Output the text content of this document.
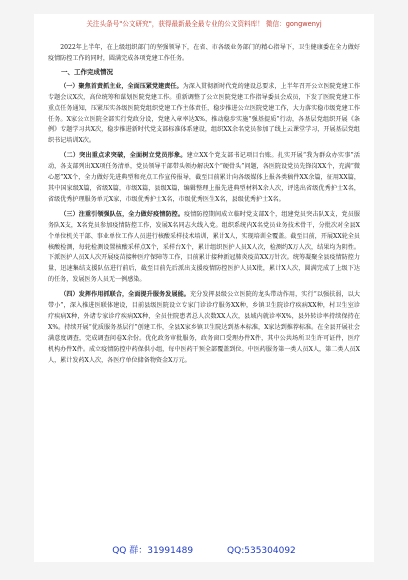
关注头条号"公文研究"，获得最新最全最专业的公文资料库！ 微信：gongwenyj

2022年上半年，在上级组织部门的坚强领导下，在省、市各级业务部门的精心指导下，卫生健康委在全力做好疫情防控工作的同时，圆满完成各项党建工作任务。

一、工作完成情况

（一）聚焦首责抓主业，全面压紧党建责任。为深入贯彻新时代党的建设总要求，上半年召开公立医院党建工作专题会议X次，高位统筹和谋划医院党建工作。重新调整了公立医院党建工作指导委员会成员，下发了医院党建工作重点任务通知，压紧压实各级医院党组织党建工作主体责任，稳步推进公立医院党建工作，大力落实稳市级党建工作任务。X家公立医院全部实行党政分设，党建入章率达X%，推动稳步实施“强基提质”行动，各基层党组织开展《条例》专题学习共X次，稳步推进新时代党支部标准体系建设，组织XX余名党员参加了线上云课堂学习，开展基层党组织书记培训X次。

（二）突出重点求突破，全面树立党员形象。建立XX个党支部书记项目台账。扎实开展“我为群众办实事”活动，各支部列出XX项任务清单，党员领导干部带头领办解决X个“硬骨头”问题，各医院设党员先锋岗XX个，充满“微心愿”XX个，全力做好先进典型和亮点工作宣传报导，截至目前累计向各级媒体上报各类稿件XX余篇，征用XX篇，其中国家级X篇，省级X篇，市级X篇，县级X篇，编辑整理上报先进典型材料X余人次，评选出省级优秀护士X名，省级优秀护理服务单元X家，市级优秀护士X名，市级优秀医生X名，县级优秀护士X名。

（三）注重引领强队伍，全力做好疫情防控。疫情防控期间成立临时党支部X个，组建党员突击队X支，党员服务队X支，X名党员参加疫情防控工作，发展X名同志火线入党。组织系统内X名党员业务技术骨干，分批次对全县X个单位机关干部、事业单位工作人员进行核酸采样技术培训，累计X人，实现培训全覆盖。截至目前，开展XX轮全员核酸检测，每轮检测设置核酸采样点X个，采样台X个，累计组织医护人员X人次，检测约X万人次，结果均为阴性。下派医护人员X人次开展疫苗接种医疗保障等工作，目前累计接种新冠肺炎疫苗XX万针次。统筹凝聚全县疫情防控力量，迅速集结支援队伍进行前后，截至目前先后派出支援疫情防控医护人员X批，累计X人次，圆满完成了上级下达的任务，发展医务人员无一例感染。

（四）发挥作用抓联合，全面提升服务发展能。充分发挥县级公立医院的龙头带动作用，实行“以强扶弱，以大带小”，深入推进医联体建设，目前县级医院设立专家门诊诊疗服务XX种，乡镇卫生院诊疗疾病XX种，村卫生室诊疗疾病X种，外诸专家诊疗疾病XX种，全员住院患者总人次数XX人次，县域内就诊率X%，县外转诊率持续保持在X%。持续开展“优质服务基层行”创建工作，全县X家乡镇卫生院达到基本标准，X家达到推荐标准。在全县开展社会满意度调查，完成调查问卷X余份。优化政务审批服务，政务窗口受理办件X件，其中公共场所卫生许可证件，医疗机构办件X件。成立疫情防控中药保供小组，每中医药干预全部覆盖到位。中医药服务第一类人员X人，第二类人员X人，累计发药X人次，各医疗单位储备物资金X万元。

QQ 群：31991489	QQ:535304092
